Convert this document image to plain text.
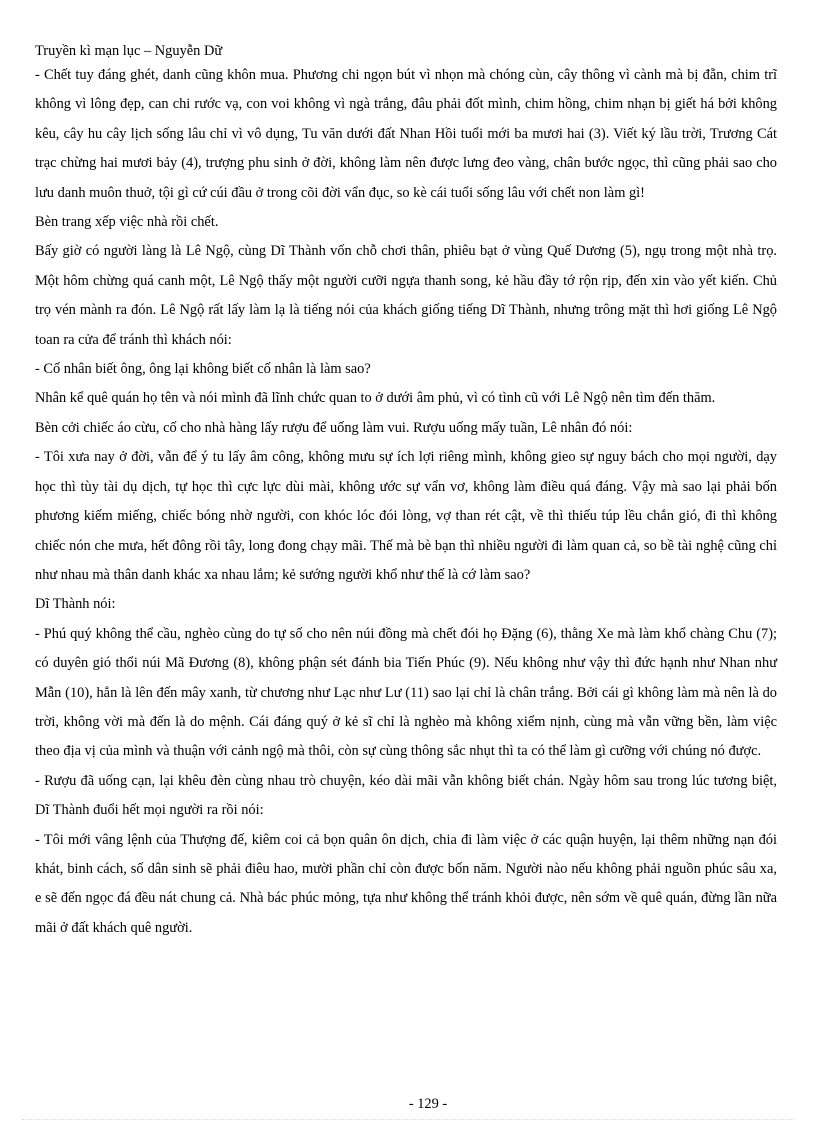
Truyền kì mạn lục – Nguyễn Dữ

- Chết tuy đáng ghét, danh cũng khôn mua. Phương chi ngọn bút vì nhọn mà chóng cùn, cây thông vì cành mà bị đẵn, chim trĩ không vì lông đẹp, can chi rước vạ, con voi không vì ngà trắng, đâu phải đốt mình, chim hồng, chim nhạn bị giết há bởi không kêu, cây hu cây lịch sống lâu chỉ vì vô dụng, Tu văn dưới đất Nhan Hồi tuổi mới ba mươi hai (3). Viết ký lầu trời, Trương Cát trạc chừng hai mươi bảy (4), trượng phu sinh ở đời, không làm nên được lưng đeo vàng, chân bước ngọc, thì cũng phải sao cho lưu danh muôn thuở, tội gì cứ cúi đầu ở trong cõi đời vẩn đục, so kè cái tuổi sống lâu với chết non làm gì!

Bèn trang xếp việc nhà rồi chết.

Bấy giờ có người làng là Lê Ngộ, cùng Dĩ Thành vốn chỗ chơi thân, phiêu bạt ở vùng Quế Dương (5), ngụ trong một nhà trọ. Một hôm chừng quá canh một, Lê Ngộ thấy một người cưỡi ngựa thanh song, kẻ hầu đầy tớ rộn rịp, đến xin vào yết kiến. Chủ trọ vén mành ra đón. Lê Ngộ rất lấy làm lạ là tiếng nói của khách giống tiếng Dĩ Thành, nhưng trông mặt thì hơi giống Lê Ngộ toan ra cửa để tránh thì khách nói:

- Cố nhân biết ông, ông lại không biết cố nhân là làm sao?

Nhân kể quê quán họ tên và nói mình đã lĩnh chức quan to ở dưới âm phủ, vì có tình cũ với Lê Ngộ nên tìm đến thăm.

Bèn cởi chiếc áo cừu, cố cho nhà hàng lấy rượu để uống làm vui. Rượu uống mấy tuần, Lê nhân đó nói:

- Tôi xưa nay ở đời, vẫn để ý tu lấy âm công, không mưu sự ích lợi riêng mình, không gieo sự nguy bách cho mọi người, dạy học thì tùy tài dụ dịch, tự học thì cực lực dùi mài, không ước sự vẩn vơ, không làm điều quá đáng. Vậy mà sao lại phải bốn phương kiếm miếng, chiếc bóng nhờ người, con khóc lóc đói lòng, vợ than rét cật, về thì thiếu túp lều chắn gió, đi thì không chiếc nón che mưa, hết đông rồi tây, long đong chạy mãi. Thế mà bè bạn thì nhiều người đi làm quan cả, so bề tài nghệ cũng chỉ như nhau mà thân danh khác xa nhau lắm; kẻ sướng người khổ như thế là cớ làm sao?

Dĩ Thành nói:

- Phú quý không thể cầu, nghèo cùng do tự số cho nên núi đồng mà chết đói họ Đặng (6), thằng Xe mà làm khổ chàng Chu (7); có duyên gió thổi núi Mã Đương (8), không phận sét đánh bia Tiến Phúc (9). Nếu không như vậy thì đức hạnh như Nhan như Mẫn (10), hẳn là lên đến mây xanh, từ chương như Lạc như Lư (11) sao lại chỉ là chân trắng. Bởi cái gì không làm mà nên là do trời, không vời mà đến là do mệnh. Cái đáng quý ở kẻ sĩ chỉ là nghèo mà không xiểm nịnh, cùng mà vẫn vững bền, làm việc theo địa vị của mình và thuận với cảnh ngộ mà thôi, còn sự cùng thông sắc nhụt thì ta có thể làm gì cưỡng với chúng nó được.

- Rượu đã uống cạn, lại khêu đèn cùng nhau trò chuyện, kéo dài mãi vẫn không biết chán. Ngày hôm sau trong lúc tương biệt, Dĩ Thành đuổi hết mọi người ra rồi nói:

- Tôi mới vâng lệnh của Thượng đế, kiêm coi cả bọn quân ôn dịch, chia đi làm việc ở các quận huyện, lại thêm những nạn đói khát, binh cách, số dân sinh sẽ phải điêu hao, mười phần chỉ còn được bốn năm. Người nào nếu không phải nguồn phúc sâu xa, e sẽ đến ngọc đá đều nát chung cả. Nhà bác phúc mỏng, tựa như không thể tránh khỏi được, nên sớm về quê quán, đừng lần nữa mãi ở đất khách quê người.

- 129 -
